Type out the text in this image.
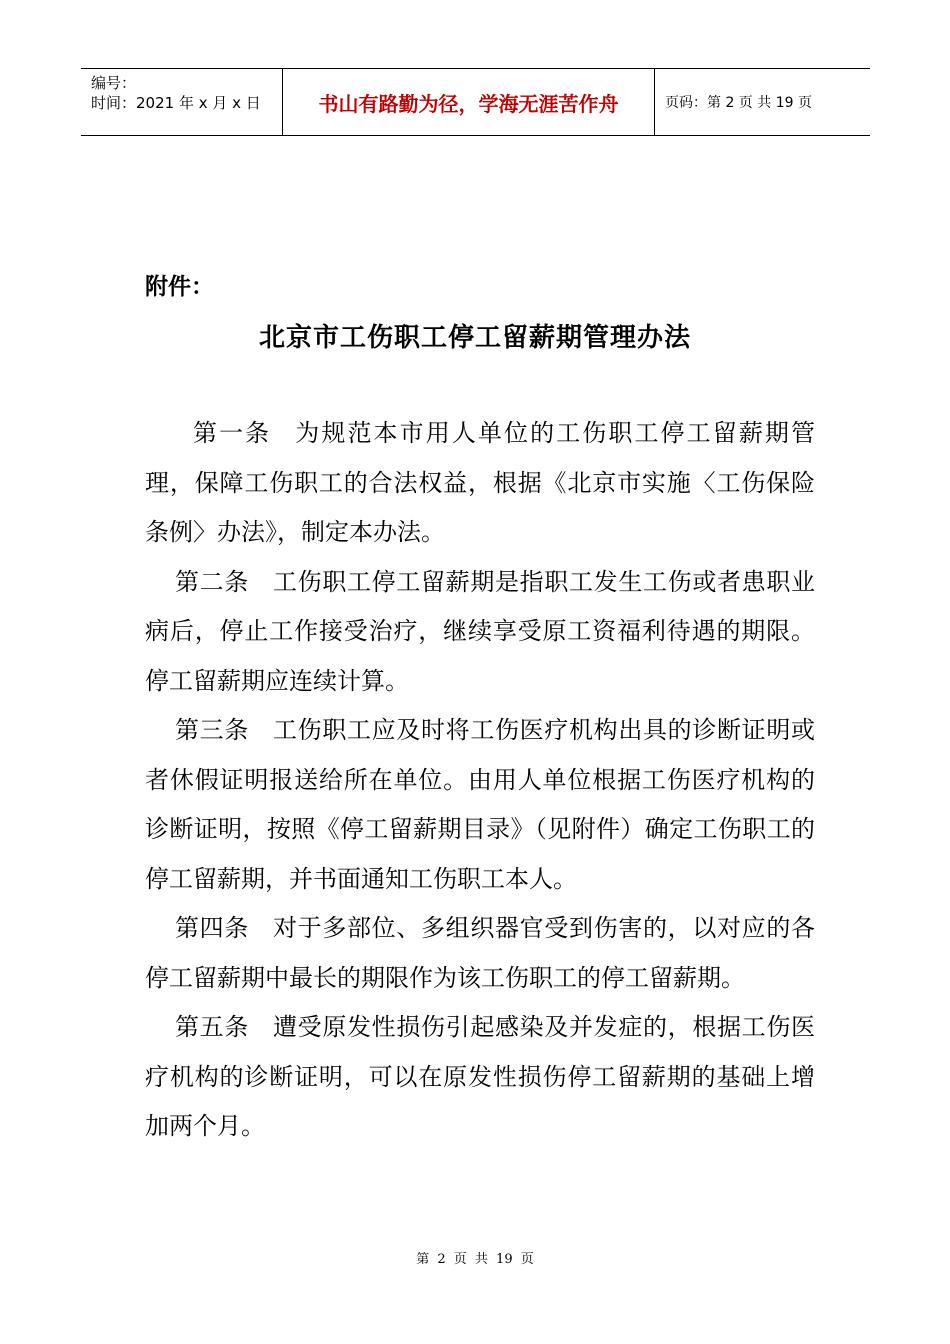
编号：
时间：2021 年 x 月 x 日	书山有路勤为径，学海无涯苦作舟	页码：第 2 页 共 19 页
附件：
北京市工伤职工停工留薪期管理办法

第一条 为规范本市用人单位的工伤职工停工留薪期管理，保障工伤职工的合法权益，根据《北京市实施〈工伤保险条例〉办法》，制定本办法。

第二条 工伤职工停工留薪期是指职工发生工伤或者患职业病后，停止工作接受治疗，继续享受原工资福利待遇的期限。停工留薪期应连续计算。

第三条 工伤职工应及时将工伤医疗机构出具的诊断证明或者休假证明报送给所在单位。由用人单位根据工伤医疗机构的诊断证明，按照《停工留薪期目录》（见附件）确定工伤职工的停工留薪期，并书面通知工伤职工本人。

第四条 对于多部位、多组织器官受到伤害的，以对应的各停工留薪期中最长的期限作为该工伤职工的停工留薪期。

第五条 遭受原发性损伤引起感染及并发症的，根据工伤医疗机构的诊断证明，可以在原发性损伤停工留薪期的基础上增加两个月。

第 2 页 共 19 页
